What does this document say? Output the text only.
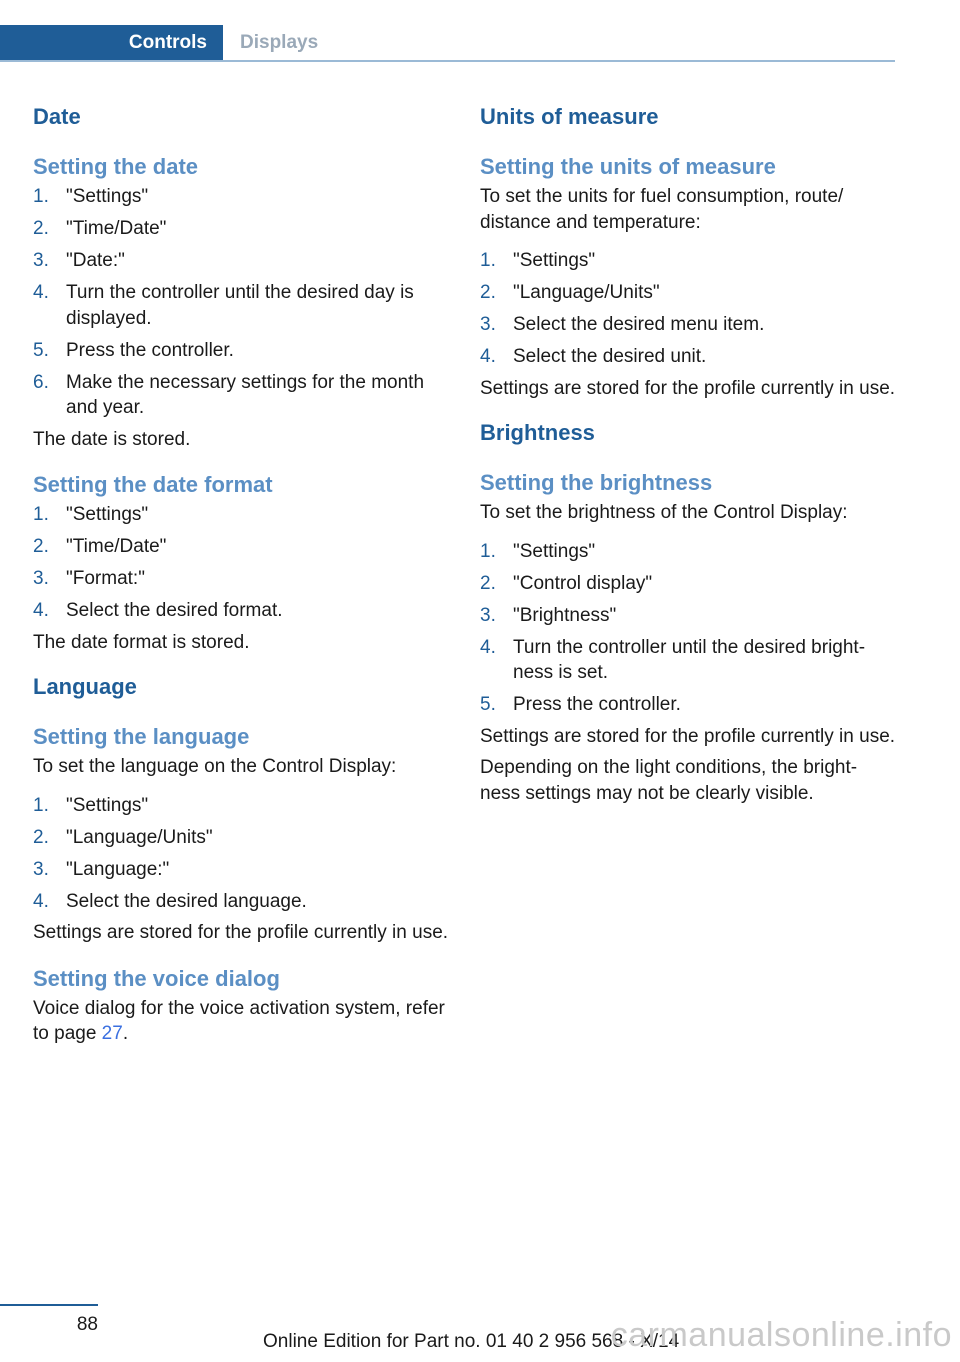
Controls	Displays
Date
Setting the date
1. "Settings"
2. "Time/Date"
3. "Date:"
4. Turn the controller until the desired day is displayed.
5. Press the controller.
6. Make the necessary settings for the month and year.

The date is stored.

Setting the date format
1. "Settings"
2. "Time/Date"
3. "Format:"
4. Select the desired format.

The date format is stored.

Language
Setting the language

To set the language on the Control Display:

1. "Settings"
2. "Language/Units"
3. "Language:"
4. Select the desired language.

Settings are stored for the profile currently in use.

Setting the voice dialog

Voice dialog for the voice activation system, refer to page 27.

Units of measure
Setting the units of measure

To set the units for fuel consumption, route/ distance and temperature:

1. "Settings"
2. "Language/Units"
3. Select the desired menu item.
4. Select the desired unit.

Settings are stored for the profile currently in use.

Brightness
Setting the brightness

To set the brightness of the Control Display:

1. "Settings"
2. "Control display"
3. "Brightness"
4. Turn the controller until the desired bright‐ ness is set.
5. Press the controller.

Settings are stored for the profile currently in use.

Depending on the light conditions, the bright‐ ness settings may not be clearly visible.

88
Online Edition for Part no. 01 40 2 956 568 - X/14
carmanualsonline.info
